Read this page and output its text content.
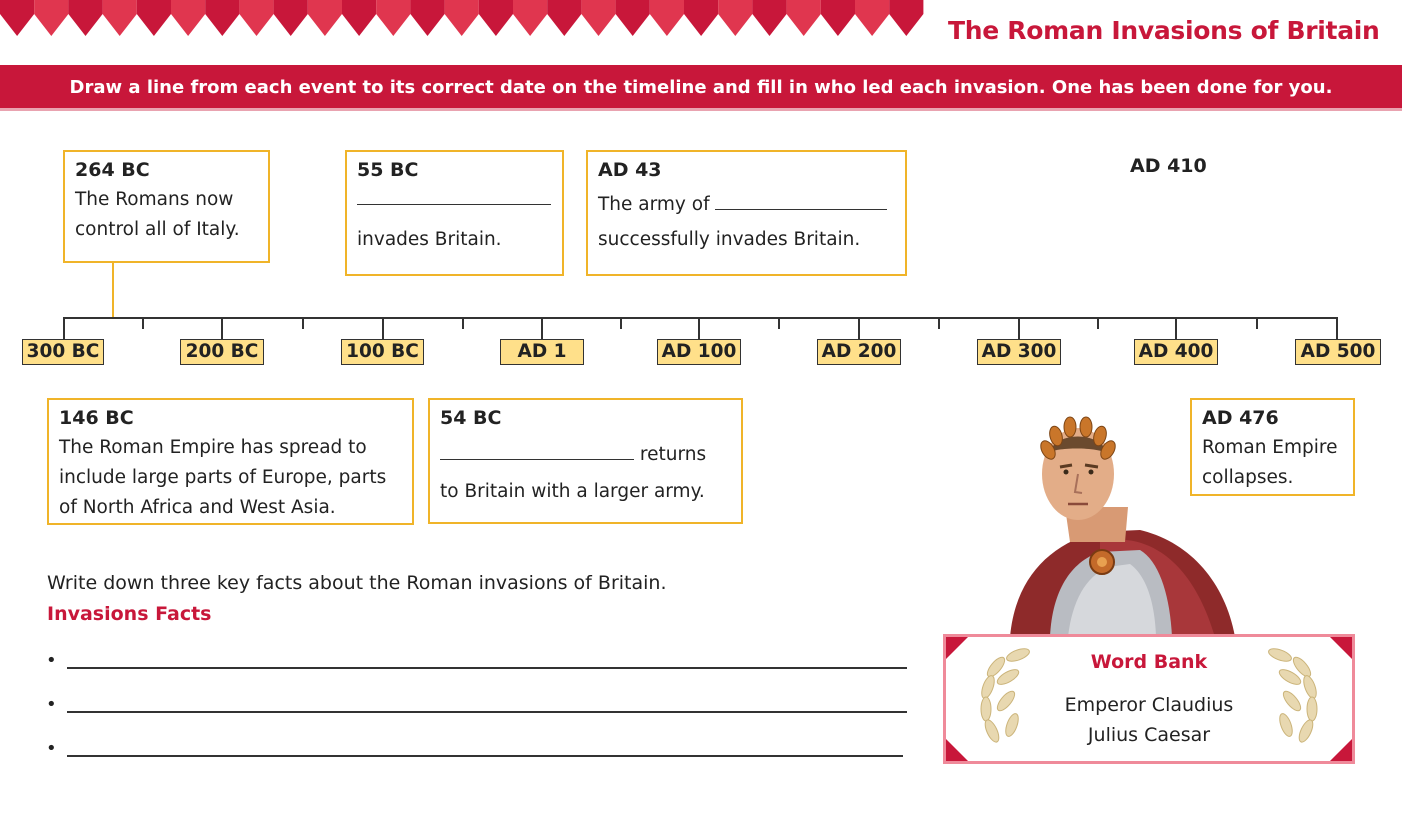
The Roman Invasions of Britain
Draw a line from each event to its correct date on the timeline and fill in who led each invasion. One has been done for you.
264 BC
The Romans now
control all of Italy.
55 BC
invades Britain.
AD 43
The army of
successfully invades Britain.
AD 410
300 BC	200 BC	100 BC	AD 1	AD 100	AD 200	AD 300	AD 400	AD 500
146 BC
The Roman Empire has spread to
include large parts of Europe, parts
of North Africa and West Asia.
54 BC
returns
to Britain with a larger army.
AD 476
Roman Empire
collapses.
Write down three key facts about the Roman invasions of Britain.
Invasions Facts
•
•
•
Word Bank
Emperor Claudius
Julius Caesar
